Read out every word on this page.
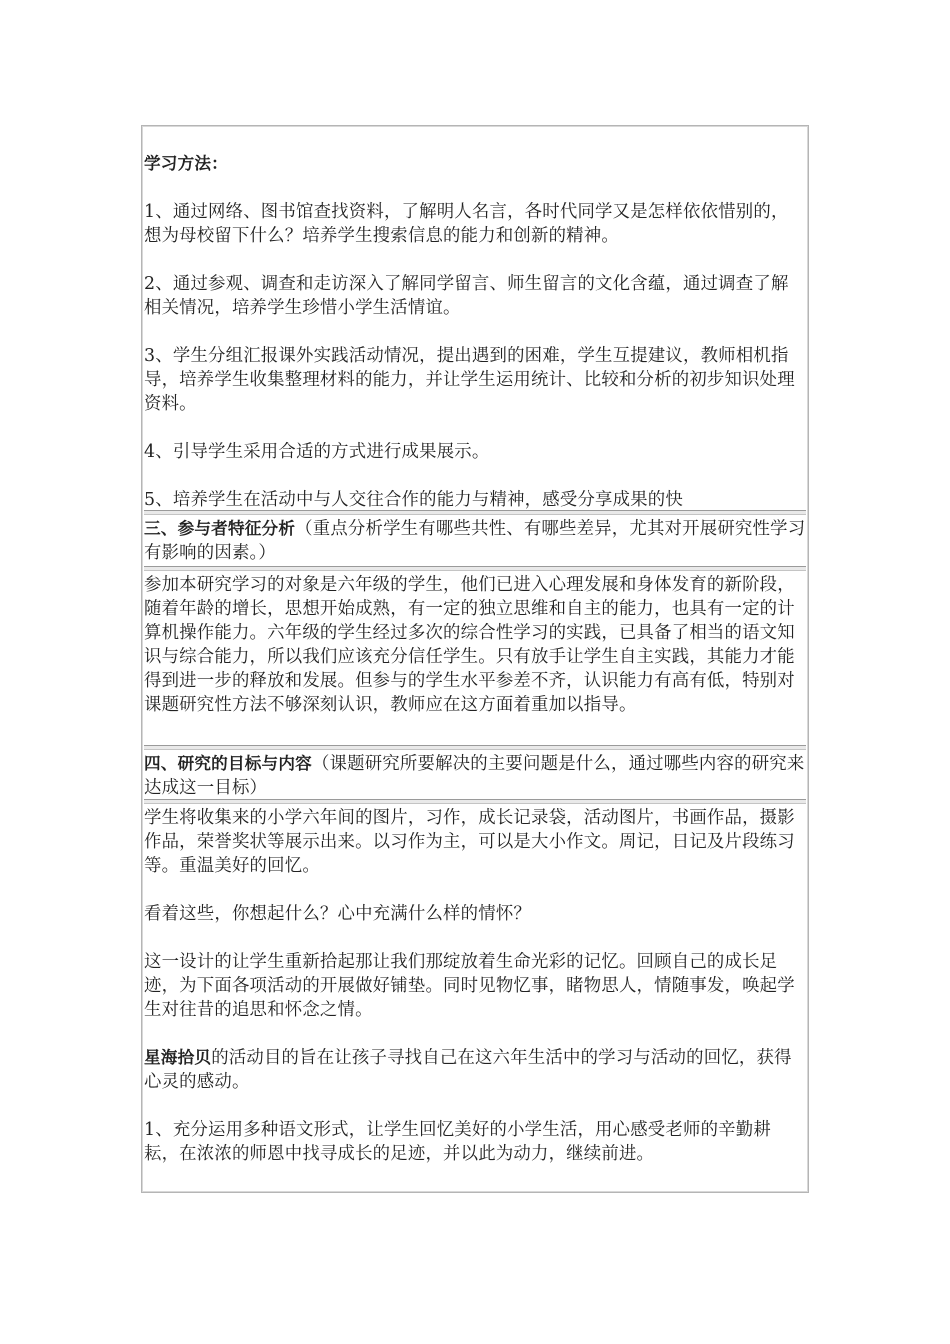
学习方法：

1、通过网络、图书馆查找资料，了解明人名言，各时代同学又是怎样依依惜别的，想为母校留下什么？培养学生搜索信息的能力和创新的精神。

2、通过参观、调查和走访深入了解同学留言、师生留言的文化含蕴，通过调查了解相关情况，培养学生珍惜小学生活情谊。

3、学生分组汇报课外实践活动情况，提出遇到的困难，学生互提建议，教师相机指导，培养学生收集整理材料的能力，并让学生运用统计、比较和分析的初步知识处理资料。

4、引导学生采用合适的方式进行成果展示。

5、培养学生在活动中与人交往合作的能力与精神，感受分享成果的快

三、参与者特征分析（重点分析学生有哪些共性、有哪些差异，尤其对开展研究性学习有影响的因素。）

参加本研究学习的对象是六年级的学生，他们已进入心理发展和身体发育的新阶段，随着年龄的增长，思想开始成熟，有一定的独立思维和自主的能力，也具有一定的计算机操作能力。六年级的学生经过多次的综合性学习的实践，已具备了相当的语文知识与综合能力，所以我们应该充分信任学生。只有放手让学生自主实践，其能力才能得到进一步的释放和发展。但参与的学生水平参差不齐，认识能力有高有低，特别对课题研究性方法不够深刻认识，教师应在这方面着重加以指导。

四、研究的目标与内容（课题研究所要解决的主要问题是什么，通过哪些内容的研究来达成这一目标）

学生将收集来的小学六年间的图片，习作，成长记录袋，活动图片，书画作品，摄影作品，荣誉奖状等展示出来。以习作为主，可以是大小作文。周记，日记及片段练习等。重温美好的回忆。

看着这些，你想起什么？心中充满什么样的情怀？

这一设计的让学生重新拾起那让我们那绽放着生命光彩的记忆。回顾自己的成长足迹，为下面各项活动的开展做好铺垫。同时见物忆事，睹物思人，情随事发，唤起学生对往昔的追思和怀念之情。

星海拾贝的活动目的旨在让孩子寻找自己在这六年生活中的学习与活动的回忆，获得心灵的感动。

1、充分运用多种语文形式，让学生回忆美好的小学生活，用心感受老师的辛勤耕耘，在浓浓的师恩中找寻成长的足迹，并以此为动力，继续前进。
